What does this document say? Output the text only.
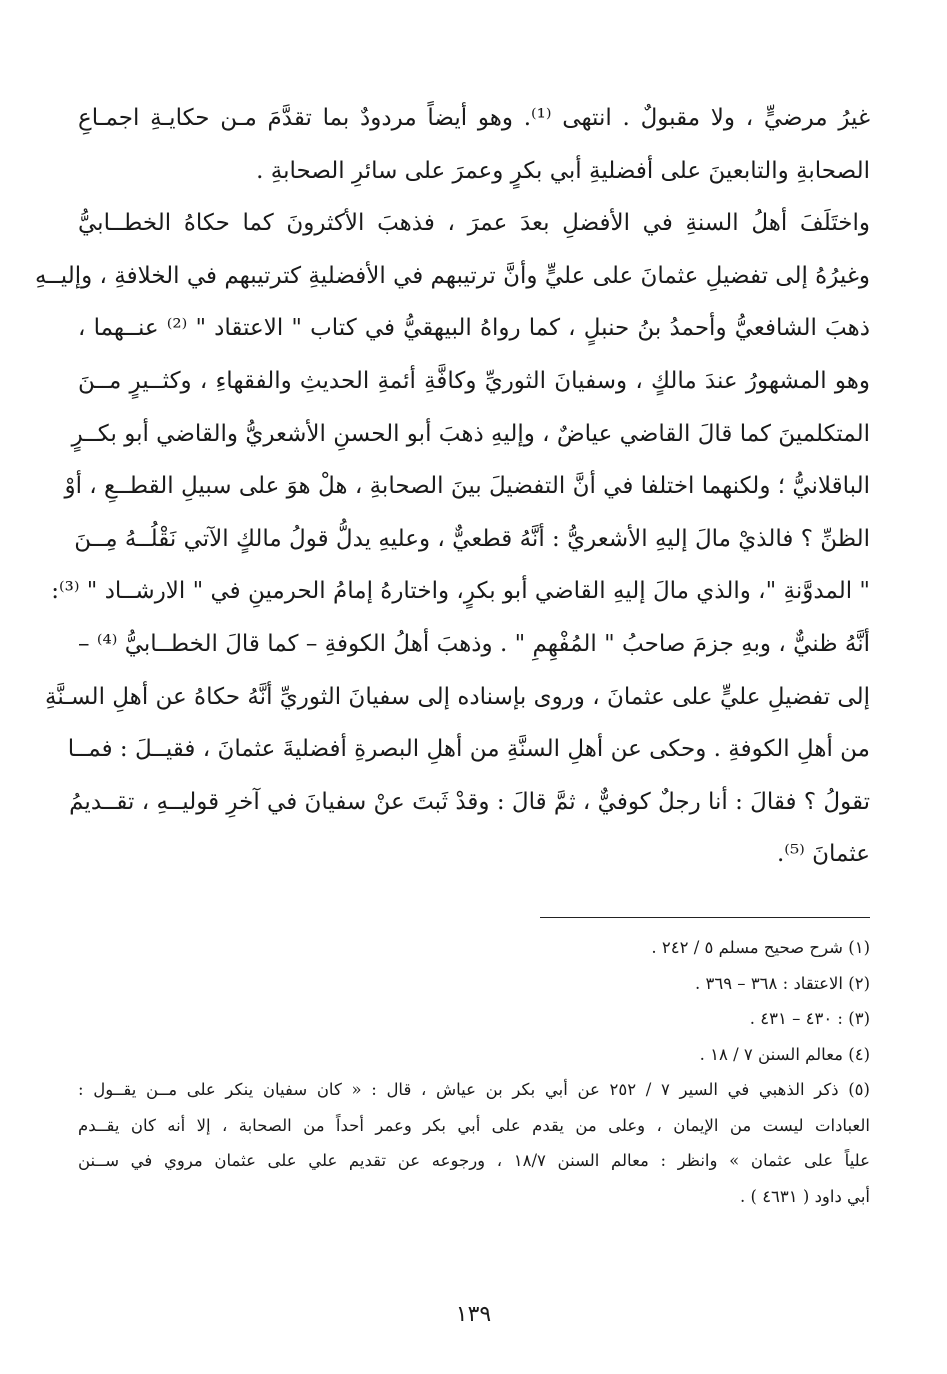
غيرُ مرضيٍّ ، ولا مقبولٌ . انتهى ⁽¹⁾. وهو أيضاً مردودٌ بما تقدَّمَ مـن حكايـةِ اجمـاعِ
الصحابةِ والتابعينَ على أفضليةِ أبي بكرٍ وعمرَ على سائرِ الصحابةِ .
واختَلَفَ أهلُ السنةِ في الأفضلِ بعدَ عمرَ ، فذهبَ الأكثرونَ كما حكاهُ الخطــابيُّ
وغيرُهُ إلى تفضيلِ عثمانَ على عليٍّ وأنَّ ترتيبهم في الأفضليةِ كترتيبهم في الخلافةِ ، وإليــهِ
ذهبَ الشافعيُّ وأحمدُ بنُ حنبلٍ ، كما رواهُ البيهقيُّ في كتاب " الاعتقاد " ⁽²⁾ عنــهما ،
وهو المشهورُ عندَ مالكٍ ، وسفيانَ الثوريِّ وكافَّةِ أئمةِ الحديثِ والفقهاءِ ، وكثــيرٍ مــنَ
المتكلمينَ كما قالَ القاضي عياضٌ ، وإليهِ ذهبَ أبو الحسنِ الأشعريُّ والقاضي أبو بكــرٍ
الباقلانيُّ ؛ ولكنهما اختلفا في أنَّ التفضيلَ بينَ الصحابةِ ، هلْ هوَ على سبيلِ القطــعِ ، أوْ
الظنِّ ؟ فالذيْ مالَ إليهِ الأشعريُّ : أنَّهُ قطعيٌّ ، وعليهِ يدلُّ قولُ مالكٍ الآتي نَقْلُــهُ مِــنَ
" المدوَّنةِ "، والذي مالَ إليهِ القاضي أبو بكرٍ، واختارهُ إمامُ الحرمينِ في " الارشــاد " ⁽³⁾:
أنَّهُ ظنيٌّ ، وبهِ جزمَ صاحبُ " المُفْهِمِ " . وذهبَ أهلُ الكوفةِ – كما قالَ الخطــابيُّ ⁽⁴⁾ –
إلى تفضيلِ عليٍّ على عثمانَ ، وروى بإسناده إلى سفيانَ الثوريِّ أنَّهُ حكاهُ عن أهلِ السـنَّةِ
من أهلِ الكوفةِ . وحكى عن أهلِ السنَّةِ من أهلِ البصرةِ أفضليةَ عثمانَ ، فقيــلَ : فمــا
تقولُ ؟ فقالَ : أنا رجلٌ كوفيٌّ ، ثمَّ قالَ : وقدْ ثَبتَ عنْ سفيانَ في آخرِ قوليــهِ ، تقــديمُ
عثمانَ ⁽⁵⁾.
(١) شرح صحيح مسلم ٥ / ٢٤٢ .
(٢) الاعتقاد : ٣٦٨ – ٣٦٩ .
(٣) : ٤٣٠ – ٤٣١ .
(٤) معالم السنن ٧ / ١٨ .
(٥) ذكر الذهبي في السير ٧ / ٢٥٢ عن أبي بكر بن عياش ، قال : « كان سفيان ينكر على مــن يقــول :
العبادات ليست من الإيمان ، وعلى من يقدم على أبي بكر وعمر أحداً من الصحابة ، إلا أنه كان يقــدم
علياً على عثمان » وانظر : معالم السنن ١٨/٧ ، ورجوعه عن تقديم علي على عثمان مروي في ســنن
أبي داود ( ٤٦٣١ ) .
١٣٩
